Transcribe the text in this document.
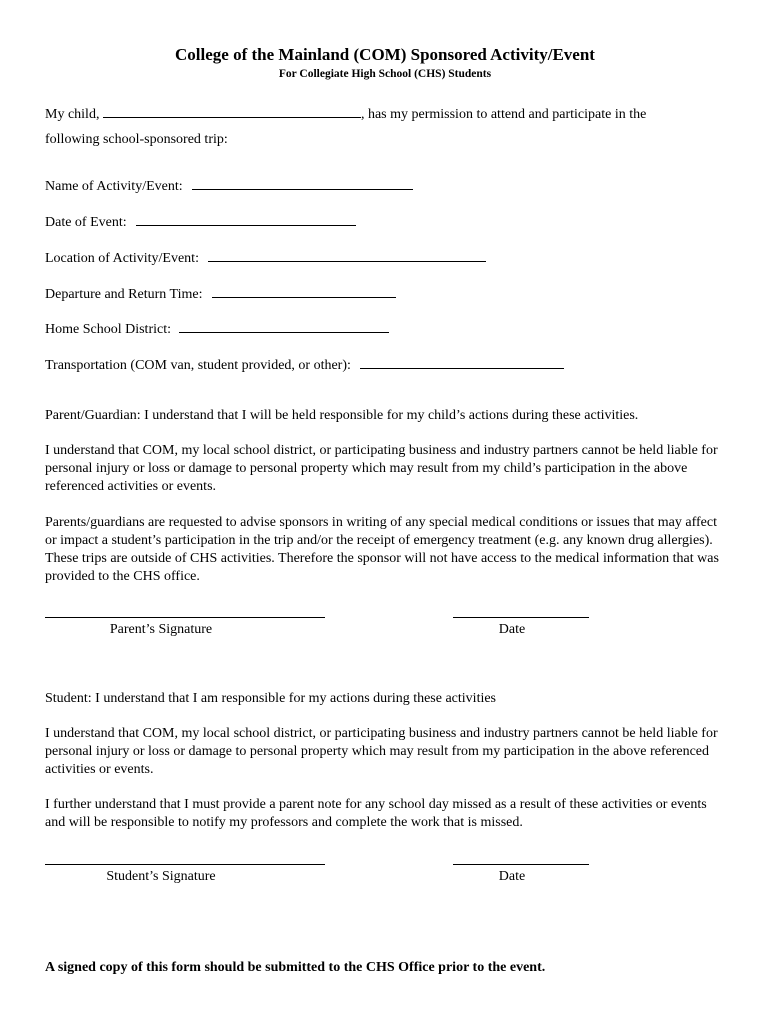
College of the Mainland (COM) Sponsored Activity/Event
For Collegiate High School (CHS) Students
My child,	, has my permission to attend and participate in the
following school-sponsored trip:
Name of Activity/Event:
Date of Event:
Location of Activity/Event:
Departure and Return Time:
Home School District:
Transportation (COM van, student provided, or other):
Parent/Guardian: I understand that I will be held responsible for my child’s actions during these activities.
I understand that COM, my local school district, or participating business and industry partners cannot be held liable for personal injury or loss or damage to personal property which may result from my child’s participation in the above referenced activities or events.
Parents/guardians are requested to advise sponsors in writing of any special medical conditions or issues that may affect or impact a student’s participation in the trip and/or the receipt of emergency treatment (e.g. any known drug allergies). These trips are outside of CHS activities. Therefore the sponsor will not have access to the medical information that was provided to the CHS office.
Parent’s Signature	Date
Student: I understand that I am responsible for my actions during these activities
I understand that COM, my local school district, or participating business and industry partners cannot be held liable for personal injury or loss or damage to personal property which may result from my participation in the above referenced activities or events.
I further understand that I must provide a parent note for any school day missed as a result of these activities or events and will be responsible to notify my professors and complete the work that is missed.
Student’s Signature	Date
A signed copy of this form should be submitted to the CHS Office prior to the event.
